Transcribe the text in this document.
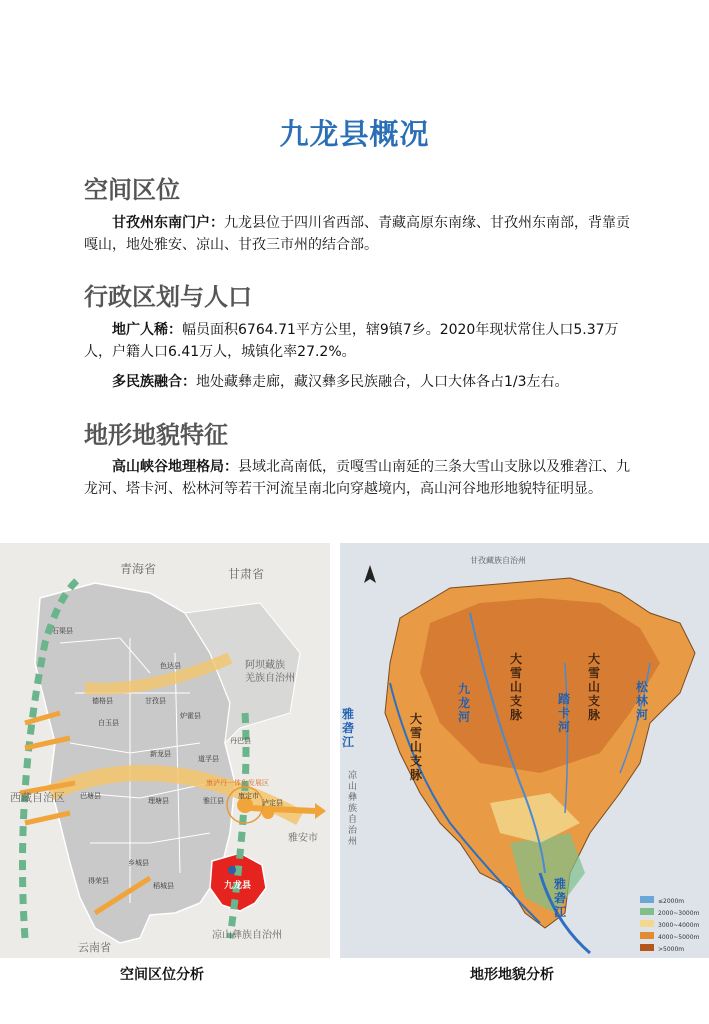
九龙县概况
空间区位
甘孜州东南门户：九龙县位于四川省西部、青藏高原东南缘、甘孜州东南部，背靠贡嘎山，地处雅安、凉山、甘孜三市州的结合部。
行政区划与人口
地广人稀：幅员面积6764.71平方公里，辖9镇7乡。2020年现状常住人口5.37万人，户籍人口6.41万人，城镇化率27.2%。
多民族融合：地处藏彝走廊，藏汉彝多民族融合，人口大体各占1/3左右。
地形地貌特征
高山峡谷地理格局：县域北高南低，贡嘎雪山南延的三条大雪山支脉以及雅砻江、九龙河、塔卡河、松林河等若干河流呈南北向穿越境内，高山河谷地形地貌特征明显。
青海省	甘肃省
阿坝藏族羌族自治州
西藏自治区
雅安市
云南省
凉山彝族自治州
九龙县
康泸丹一体化发展区
石渠县
色达县
德格县	甘孜县
炉霍县
白玉县
新龙县
道孚县
丹巴县
巴塘县
理塘县	雅江县
康定市
泸定县
乡城县
稻城县
得荣县
甘孜藏族自治州
凉山彝族自治州
雅砻江
九龙河
踏卡河
松林河
雅砻江
大雪山支脉
大雪山支脉
大雪山支脉
≤2000m
2000~3000m
3000~4000m
4000~5000m
>5000m
空间区位分析	地形地貌分析
